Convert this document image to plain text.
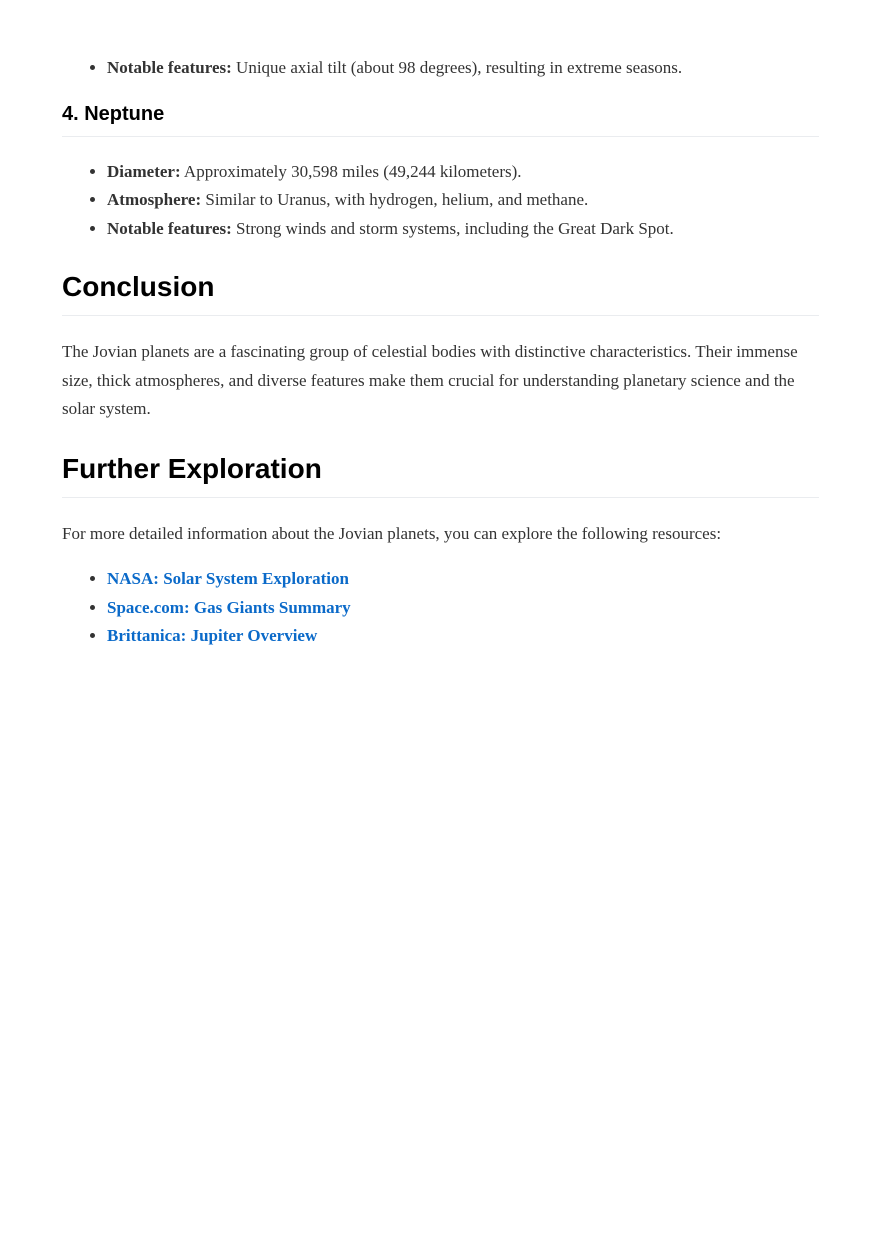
• Notable features: Unique axial tilt (about 98 degrees), resulting in extreme seasons.
4. Neptune
• Diameter: Approximately 30,598 miles (49,244 kilometers).
• Atmosphere: Similar to Uranus, with hydrogen, helium, and methane.
• Notable features: Strong winds and storm systems, including the Great Dark Spot.
Conclusion

The Jovian planets are a fascinating group of celestial bodies with distinctive characteristics. Their immense size, thick atmospheres, and diverse features make them crucial for understanding planetary science and the solar system.

Further Exploration

For more detailed information about the Jovian planets, you can explore the following resources:

• NASA: Solar System Exploration
• Space.com: Gas Giants Summary
• Brittanica: Jupiter Overview
